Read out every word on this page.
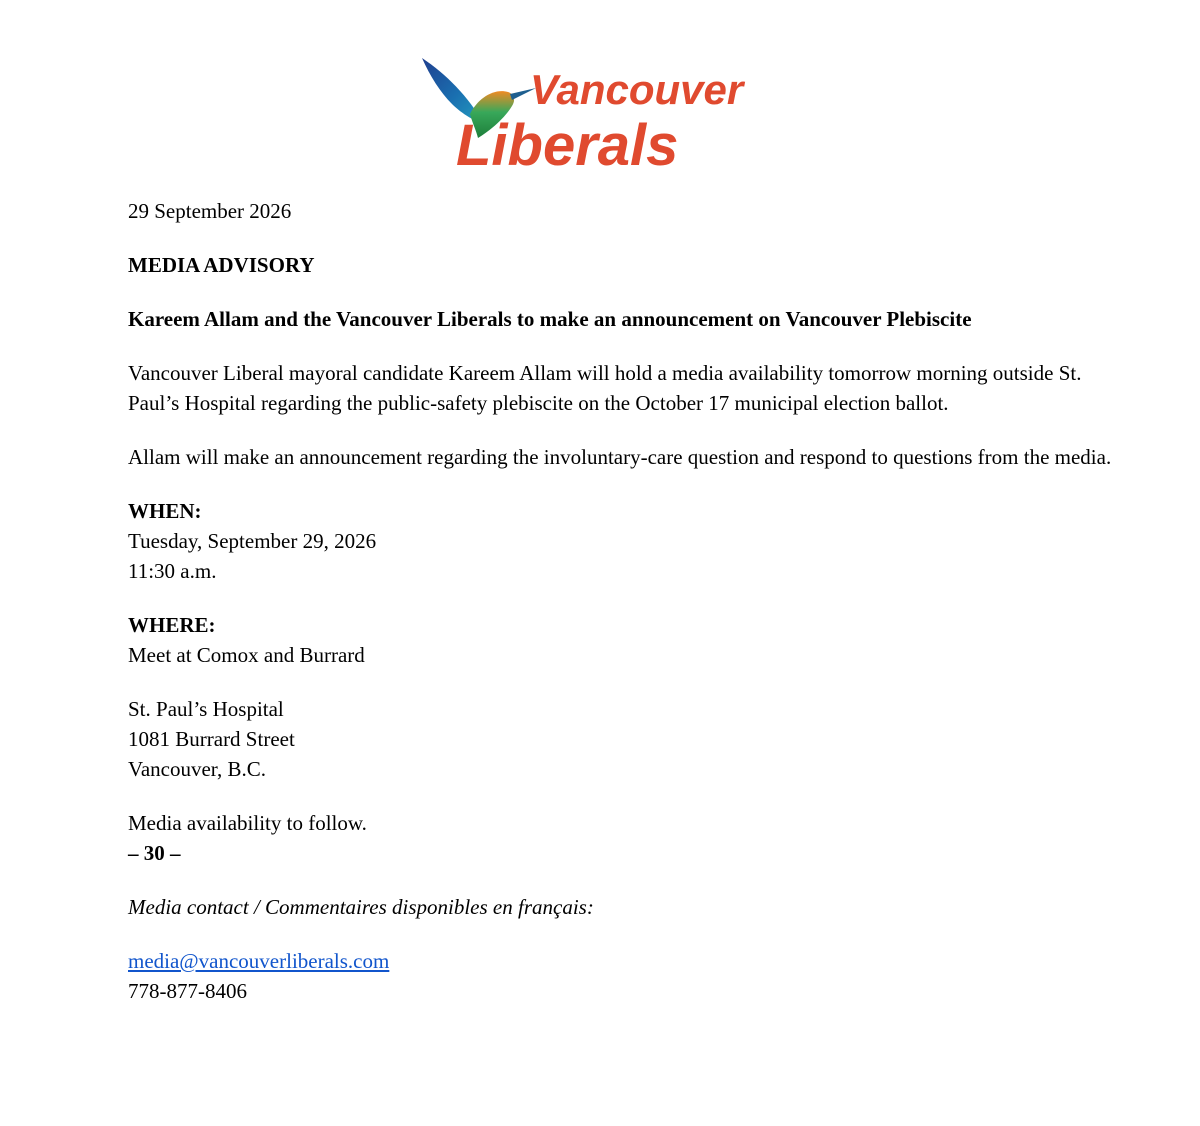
Vancouver
Liberals

29 September 2026

MEDIA ADVISORY

Kareem Allam and the Vancouver Liberals to make an announcement on Vancouver Plebiscite

Vancouver Liberal mayoral candidate Kareem Allam will hold a media availability tomorrow morning outside St. Paul’s Hospital regarding the public-safety plebiscite on the October 17 municipal election ballot.

Allam will make an announcement regarding the involuntary-care question and respond to questions from the media.

WHEN:

Tuesday, September 29, 2026

11:30 a.m.

WHERE:

Meet at Comox and Burrard

St. Paul’s Hospital

1081 Burrard Street

Vancouver, B.C.

Media availability to follow.

– 30 –

Media contact / Commentaires disponibles en français:

media@vancouverliberals.com

778-877-8406
